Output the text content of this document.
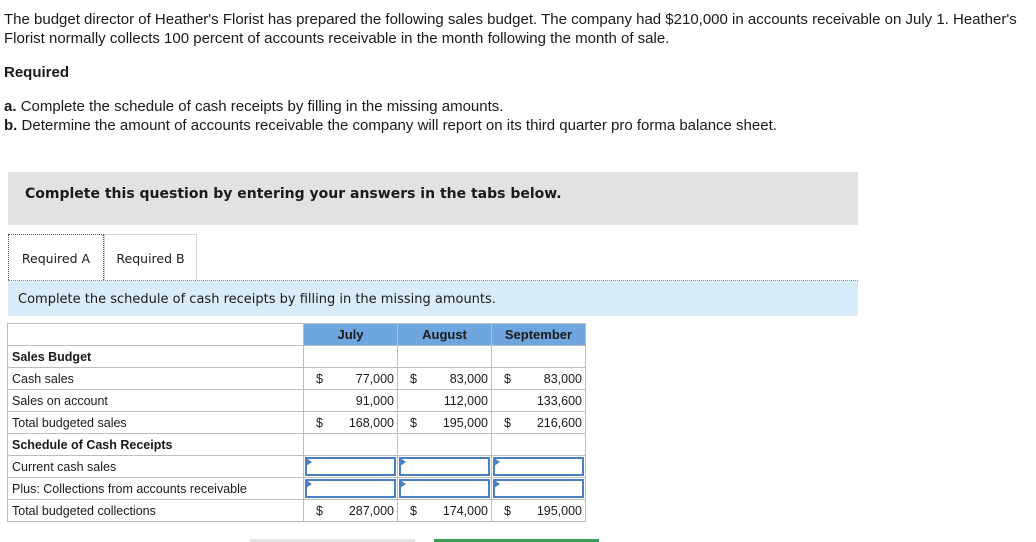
The budget director of Heather's Florist has prepared the following sales budget. The company had $210,000 in accounts receivable on July 1. Heather's Florist normally collects 100 percent of accounts receivable in the month following the month of sale.
Required
a. Complete the schedule of cash receipts by filling in the missing amounts.
b. Determine the amount of accounts receivable the company will report on its third quarter pro forma balance sheet.
Complete this question by entering your answers in the tabs below.
Required A	Required B
Complete the schedule of cash receipts by filling in the missing amounts.
	July	August	September
Sales Budget			
Cash sales	$ 77,000	$ 83,000	$ 83,000

Sales on account	91,000	112,000	133,600

Total budgeted sales	$ 168,000	$ 195,000	$ 216,600

Schedule of Cash Receipts			
Current cash sales	

Plus: Collections from accounts receivable	

Total budgeted collections	$ 287,000	$ 174,000	$ 195,000
